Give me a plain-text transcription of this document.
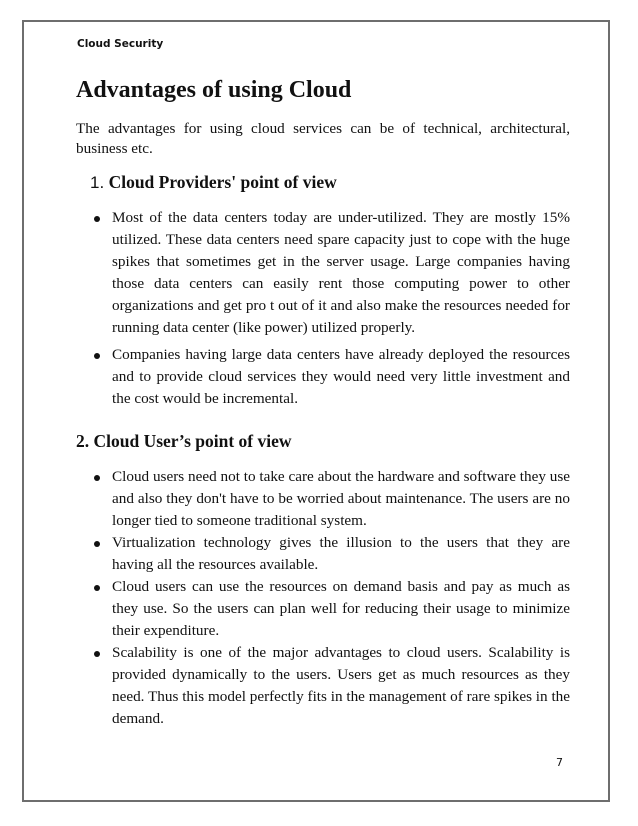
Cloud Security
Advantages of using Cloud

The advantages for using cloud services can be of technical, architectural, business etc.

1. Cloud Providers' point of view
Most of the data centers today are under-utilized. They are mostly 15% utilized. These data centers need spare capacity just to cope with the huge spikes that sometimes get in the server usage. Large companies having those data centers can easily rent those computing power to other organizations and get pro t out of it and also make the resources needed for running data center (like power) utilized properly.
Companies having large data centers have already deployed the resources and to provide cloud services they would need very little investment and the cost would be incremental.
2. Cloud User’s point of view
Cloud users need not to take care about the hardware and software they use and also they don't have to be worried about maintenance. The users are no longer tied to someone traditional system.
Virtualization technology gives the illusion to the users that they are having all the resources available.
Cloud users can use the resources on demand basis and pay as much as they use. So the users can plan well for reducing their usage to minimize their expenditure.
Scalability is one of the major advantages to cloud users. Scalability is provided dynamically to the users. Users get as much resources as they need. Thus this model perfectly fits in the management of rare spikes in the demand.
7
